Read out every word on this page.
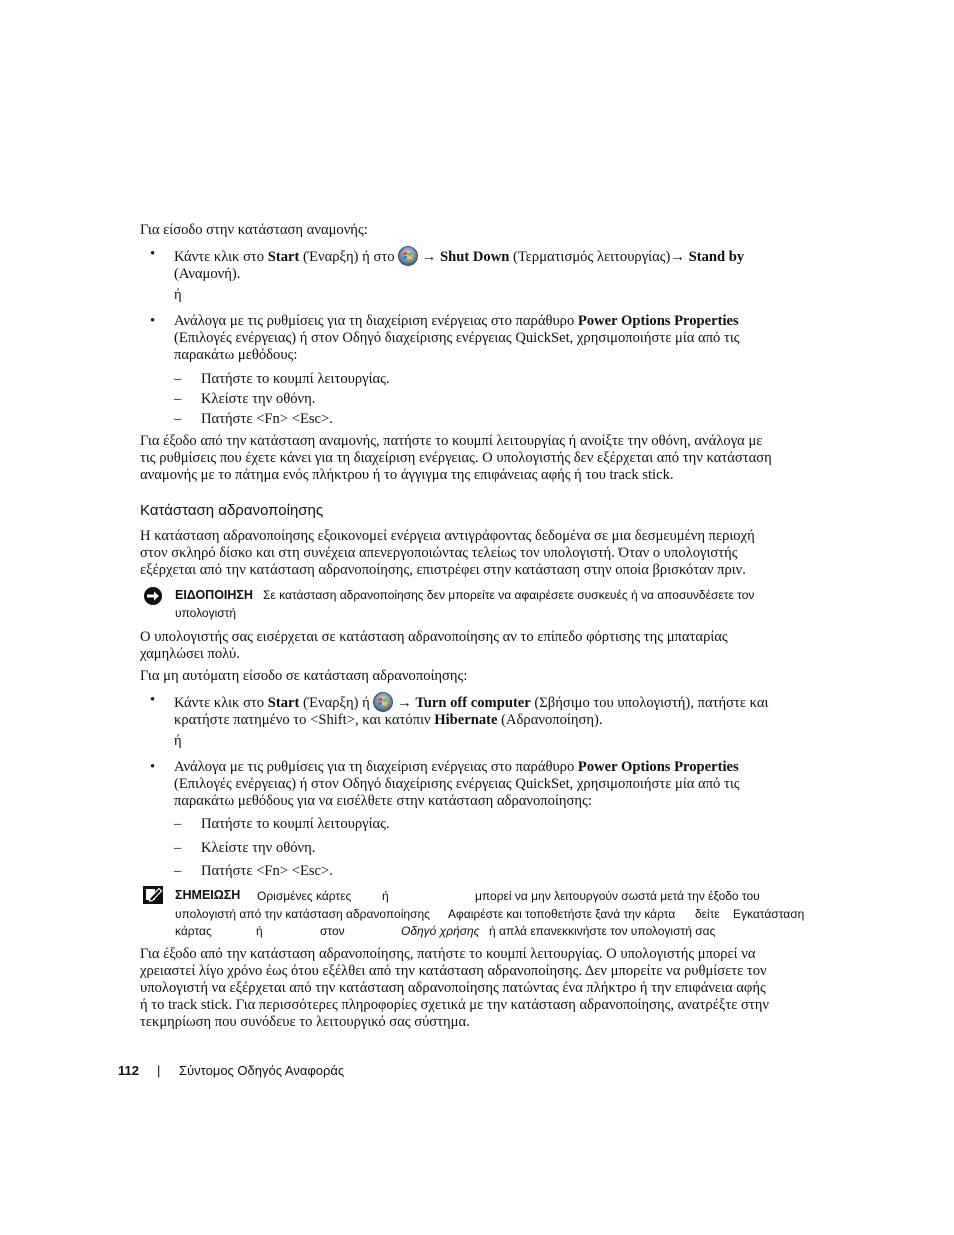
Για είσοδο στην κατάσταση αναμονής:
• Κάντε κλικ στο Start (Έναρξη) ή στο  → Shut Down (Τερματισμός λειτουργίας)→ Stand by
(Αναμονή).
ή
• Ανάλογα με τις ρυθμίσεις για τη διαχείριση ενέργειας στο παράθυρο Power Options Properties
(Επιλογές ενέργειας) ή στον Οδηγό διαχείρισης ενέργειας QuickSet, χρησιμοποιήστε μία από τις
παρακάτω μεθόδους:
– Πατήστε το κουμπί λειτουργίας.
– Κλείστε την οθόνη.
– Πατήστε <Fn> <Esc>.
Για έξοδο από την κατάσταση αναμονής, πατήστε το κουμπί λειτουργίας ή ανοίξτε την οθόνη, ανάλογα με
τις ρυθμίσεις που έχετε κάνει για τη διαχείριση ενέργειας. Ο υπολογιστής δεν εξέρχεται από την κατάσταση
αναμονής με το πάτημα ενός πλήκτρου ή το άγγιγμα της επιφάνειας αφής ή του track stick.
Κατάσταση αδρανοποίησης
Η κατάσταση αδρανοποίησης εξοικονομεί ενέργεια αντιγράφοντας δεδομένα σε μια δεσμευμένη περιοχή
στον σκληρό δίσκο και στη συνέχεια απενεργοποιώντας τελείως τον υπολογιστή. Όταν ο υπολογιστής
εξέρχεται από την κατάσταση αδρανοποίησης, επιστρέφει στην κατάσταση στην οποία βρισκόταν πριν.
ΕΙΔΟΠΟΙΗΣΗ Σε κατάσταση αδρανοποίησης δεν μπορείτε να αφαιρέσετε συσκευές ή να αποσυνδέσετε τον
υπολογιστή
Ο υπολογιστής σας εισέρχεται σε κατάσταση αδρανοποίησης αν το επίπεδο φόρτισης της μπαταρίας
χαμηλώσει πολύ.
Για μη αυτόματη είσοδο σε κατάσταση αδρανοποίησης:
• Κάντε κλικ στο Start (Έναρξη) ή  → Turn off computer (Σβήσιμο του υπολογιστή), πατήστε και
κρατήστε πατημένο το <Shift>, και κατόπιν Hibernate (Αδρανοποίηση).
ή
• Ανάλογα με τις ρυθμίσεις για τη διαχείριση ενέργειας στο παράθυρο Power Options Properties
(Επιλογές ενέργειας) ή στον Οδηγό διαχείρισης ενέργειας QuickSet, χρησιμοποιήστε μία από τις
παρακάτω μεθόδους για να εισέλθετε στην κατάσταση αδρανοποίησης:
– Πατήστε το κουμπί λειτουργίας.
– Κλείστε την οθόνη.
– Πατήστε <Fn> <Esc>.
ΣΗΜΕΙΩΣΗ Ορισμένες κάρτες	ή	μπορεί να μην λειτουργούν σωστά μετά την έξοδο του
υπολογιστή από την κατάσταση αδρανοποίησης Αφαιρέστε και τοποθετήστε ξανά την κάρτα δείτε Εγκατάσταση
κάρτας	ή	στον	Οδηγό χρήσης ή απλά επανεκκινήστε τον υπολογιστή σας
Για έξοδο από την κατάσταση αδρανοποίησης, πατήστε το κουμπί λειτουργίας. Ο υπολογιστής μπορεί να
χρειαστεί λίγο χρόνο έως ότου εξέλθει από την κατάσταση αδρανοποίησης. Δεν μπορείτε να ρυθμίσετε τον
υπολογιστή να εξέρχεται από την κατάσταση αδρανοποίησης πατώντας ένα πλήκτρο ή την επιφάνεια αφής
ή το track stick. Για περισσότερες πληροφορίες σχετικά με την κατάσταση αδρανοποίησης, ανατρέξτε στην
τεκμηρίωση που συνόδευε το λειτουργικό σας σύστημα.
112 | Σύντομος Οδηγός Αναφοράς
